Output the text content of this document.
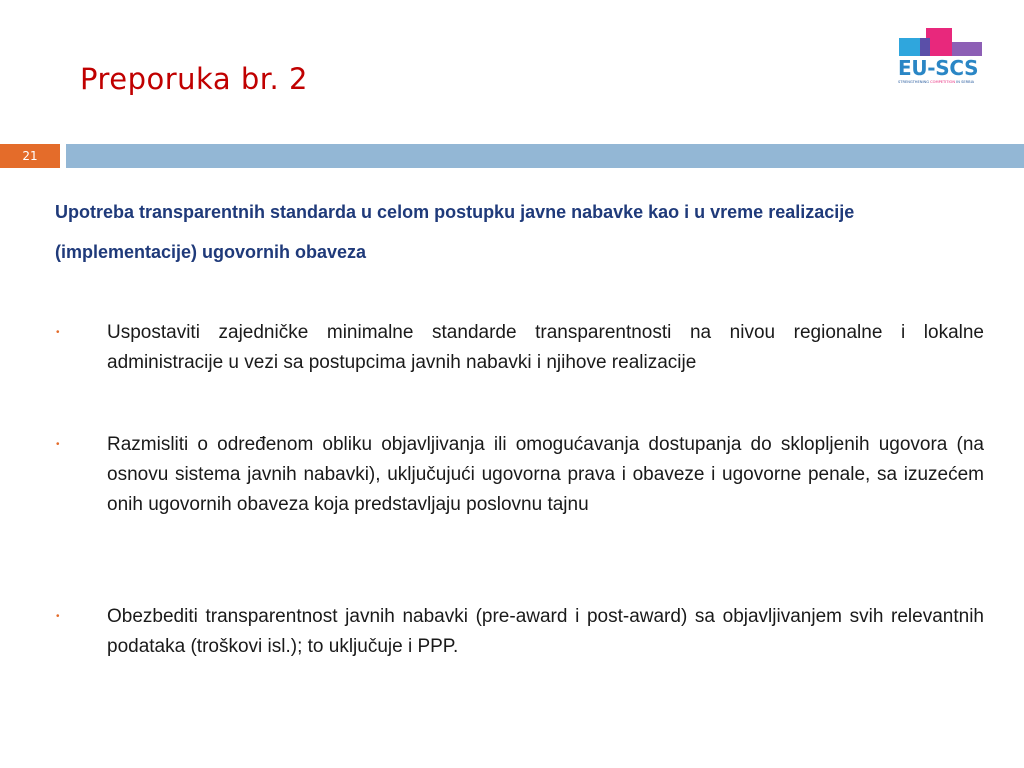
Preporuka br. 2	EU-SCS
STRENGTHENING COMPETITION IN SERBIA
21

Upotreba transparentnih standarda u celom postupku javne nabavke kao i u vreme realizacije (implementacije) ugovornih obaveza

• Uspostaviti zajedničke minimalne standarde transparentnosti na nivou regionalne i lokalne administracije u vezi sa postupcima javnih nabavki i njihove realizacije

• Razmisliti o određenom obliku objavljivanja ili omogućavanja dostupanja do sklopljenih ugovora (na osnovu sistema javnih nabavki), uključujući ugovorna prava i obaveze i ugovorne penale, sa izuzećem onih ugovornih obaveza koja predstavljaju poslovnu tajnu

• Obezbediti transparentnost javnih nabavki (pre-award i post-award) sa objavljivanjem svih relevantnih podataka (troškovi isl.); to uključuje i PPP.
